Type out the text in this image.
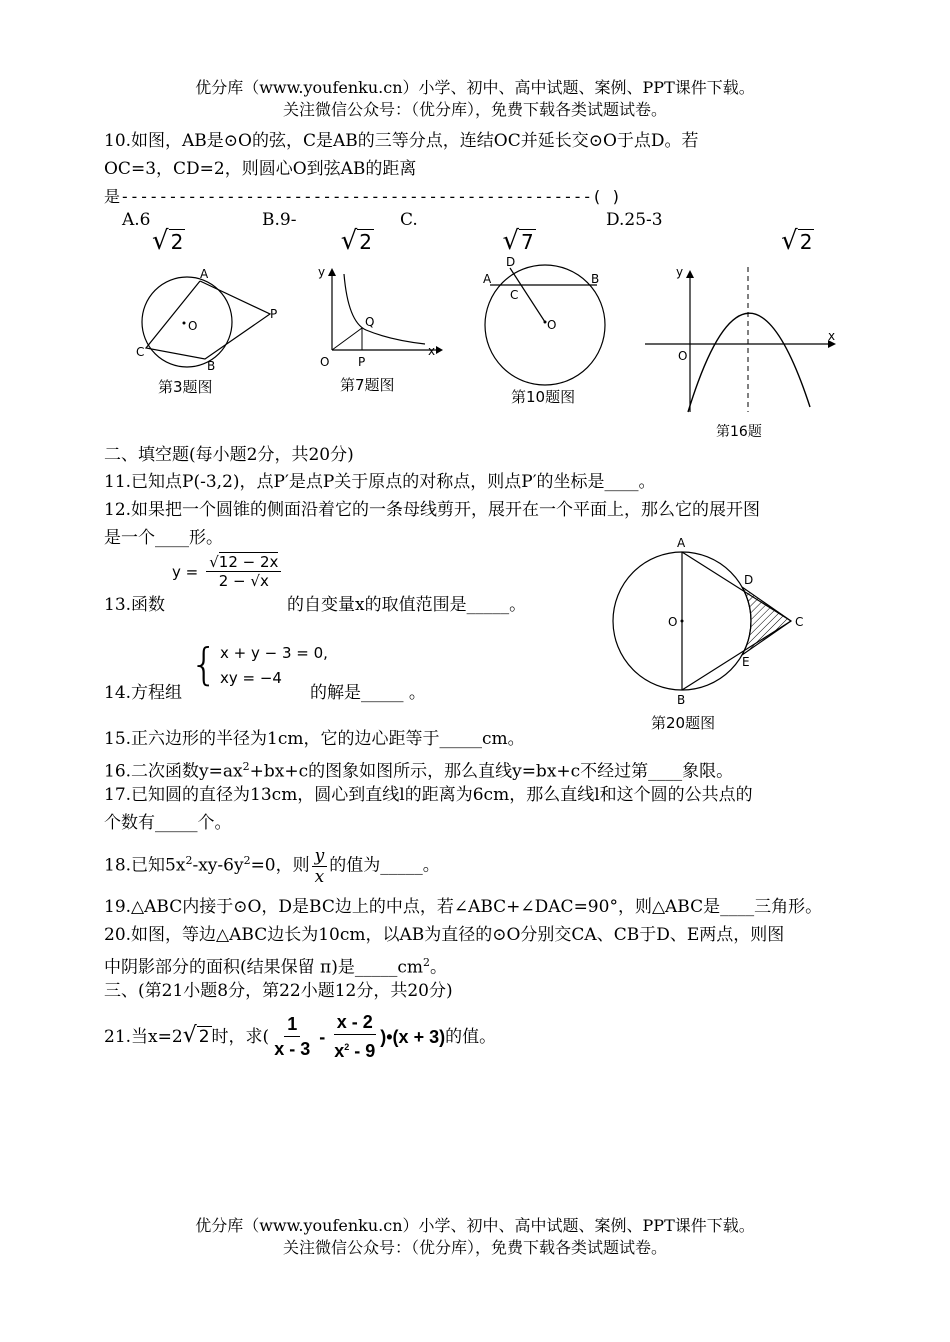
优分库（www.youfenku.cn）小学、初中、高中试题、案例、PPT课件下载。
关注微信公众号：（优分库），免费下载各类试题试卷。
10.如图，AB是⊙O的弦，C是AB的三等分点，连结OC并延长交⊙O于点D。若
OC=3，CD=2，则圆心O到弦AB的距离
是-------------------------------------------------( )
A.6
√ 2
B.9-
√ 2
C.
√ 7
D.25-3
√ 2
A
B
C
P
O
第3题图
y
x
O P
Q
第7题图
A	B
C
D
O
第10题图
y
x
O
第16题
二、填空题(每小题2分，共20分)
11.已知点P(-3,2)，点P′是点P关于原点的对称点，则点P′的坐标是____。
12.如果把一个圆锥的侧面沿着它的一条母线剪开，展开在一个平面上，那么它的展开图
是一个____形。
13.函数
$y = \frac{√12 - 2x}{2 - √x}$
的自变量x的取值范围是_____。
14.方程组
{ x + y − 3 = 0,
xy = −4
的解是_____ 。
A
B
C
D
E
O
第20题图
15.正六边形的半径为1cm，它的边心距等于_____cm。
16.二次函数$y=ax^2+bx+c$的图象如图所示，那么直线y=bx+c不经过第____象限。
17.已知圆的直径为13cm，圆心到直线l的距离为6cm，那么直线l和这个圆的公共点的
个数有_____个。
18.已知$5x^2-xy-6y^2=0$，则 $\frac{y}{x}$ 的值为_____。
19.△ABC内接于⊙O，D是BC边上的中点，若∠ABC+∠DAC=90°，则△ABC是____三角形。
20.如图，等边△ABC边长为10cm，以AB为直径的⊙O分别交CA、CB于D、E两点，则图
中阴影部分的面积(结果保留 π)是$\_\_\_\_\_cm^2$。
三、(第21小题8分，第22小题12分，共20分)
21.当x=2 √ 2 时，求( $\frac{1}{x - 3} - \frac{x - 2}{x^2 - 9}$ )•(x + 3) 的值。
优分库（www.youfenku.cn）小学、初中、高中试题、案例、PPT课件下载。
关注微信公众号：（优分库），免费下载各类试题试卷。
